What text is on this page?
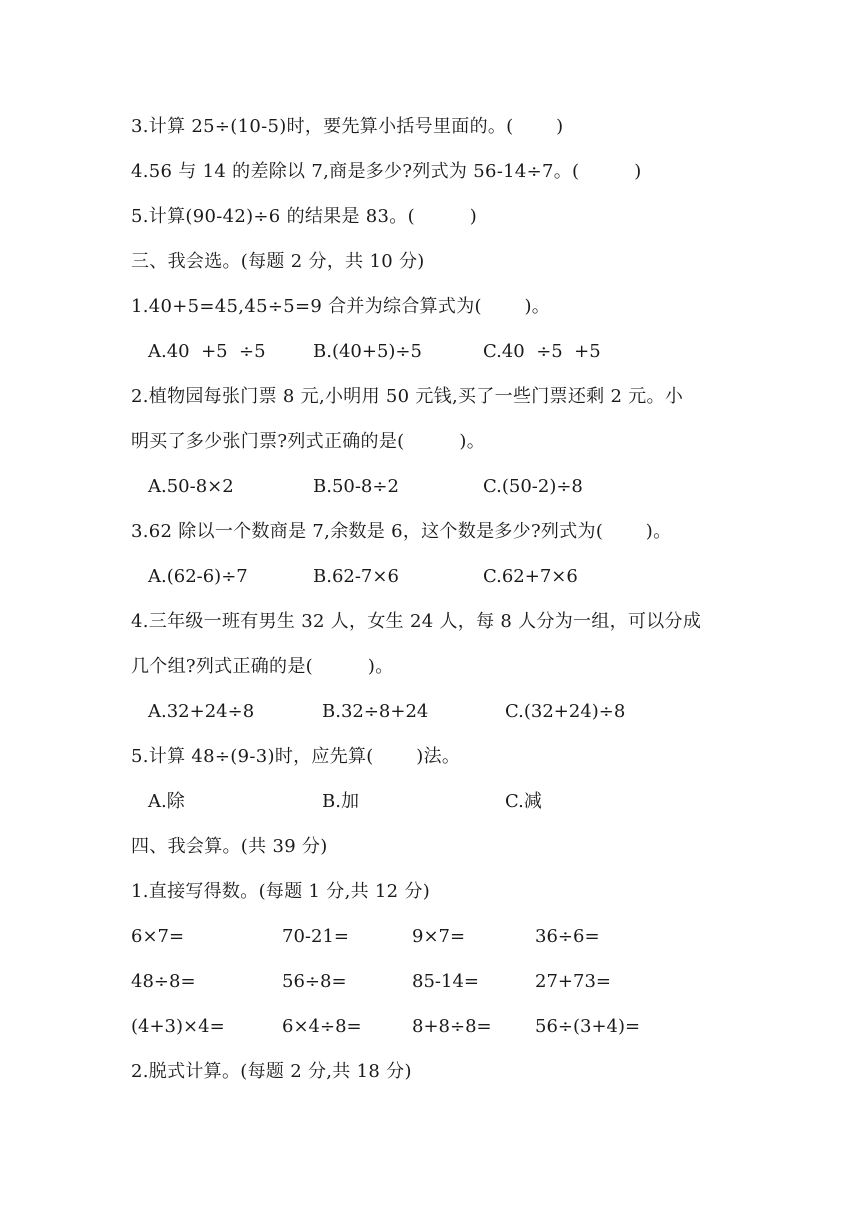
3.计算 25÷(10-5)时，要先算小括号里面的。(　　 )
4.56 与 14 的差除以 7,商是多少?列式为 56-14÷7。(　　　)
5.计算(90-42)÷6 的结果是 83。(　　　)
三、我会选。(每题 2 分，共 10 分)
1.40+5=45,45÷5=9 合并为综合算式为(　　 )。
A.40  +5  ÷5	B.(40+5)÷5	C.40  ÷5  +5
2.植物园每张门票 8 元,小明用 50 元钱,买了一些门票还剩 2 元。小
明买了多少张门票?列式正确的是(　　　)。
A.50-8×2	B.50-8÷2	C.(50-2)÷8
3.62 除以一个数商是 7,余数是 6，这个数是多少?列式为(　　 )。
A.(62-6)÷7	B.62-7×6	C.62+7×6
4.三年级一班有男生 32 人，女生 24 人，每 8 人分为一组，可以分成
几个组?列式正确的是(　　　)。
A.32+24÷8	B.32÷8+24	C.(32+24)÷8
5.计算 48÷(9-3)时，应先算(　　 )法。
A.除	B.加	C.减
四、我会算。(共 39 分)
1.直接写得数。(每题 1 分,共 12 分)
6×7=	70-21=	9×7=	36÷6=
48÷8=	56÷8=	85-14=	27+73=
(4+3)×4=	6×4÷8=	8+8÷8= 56÷(3+4)=
2.脱式计算。(每题 2 分,共 18 分)
